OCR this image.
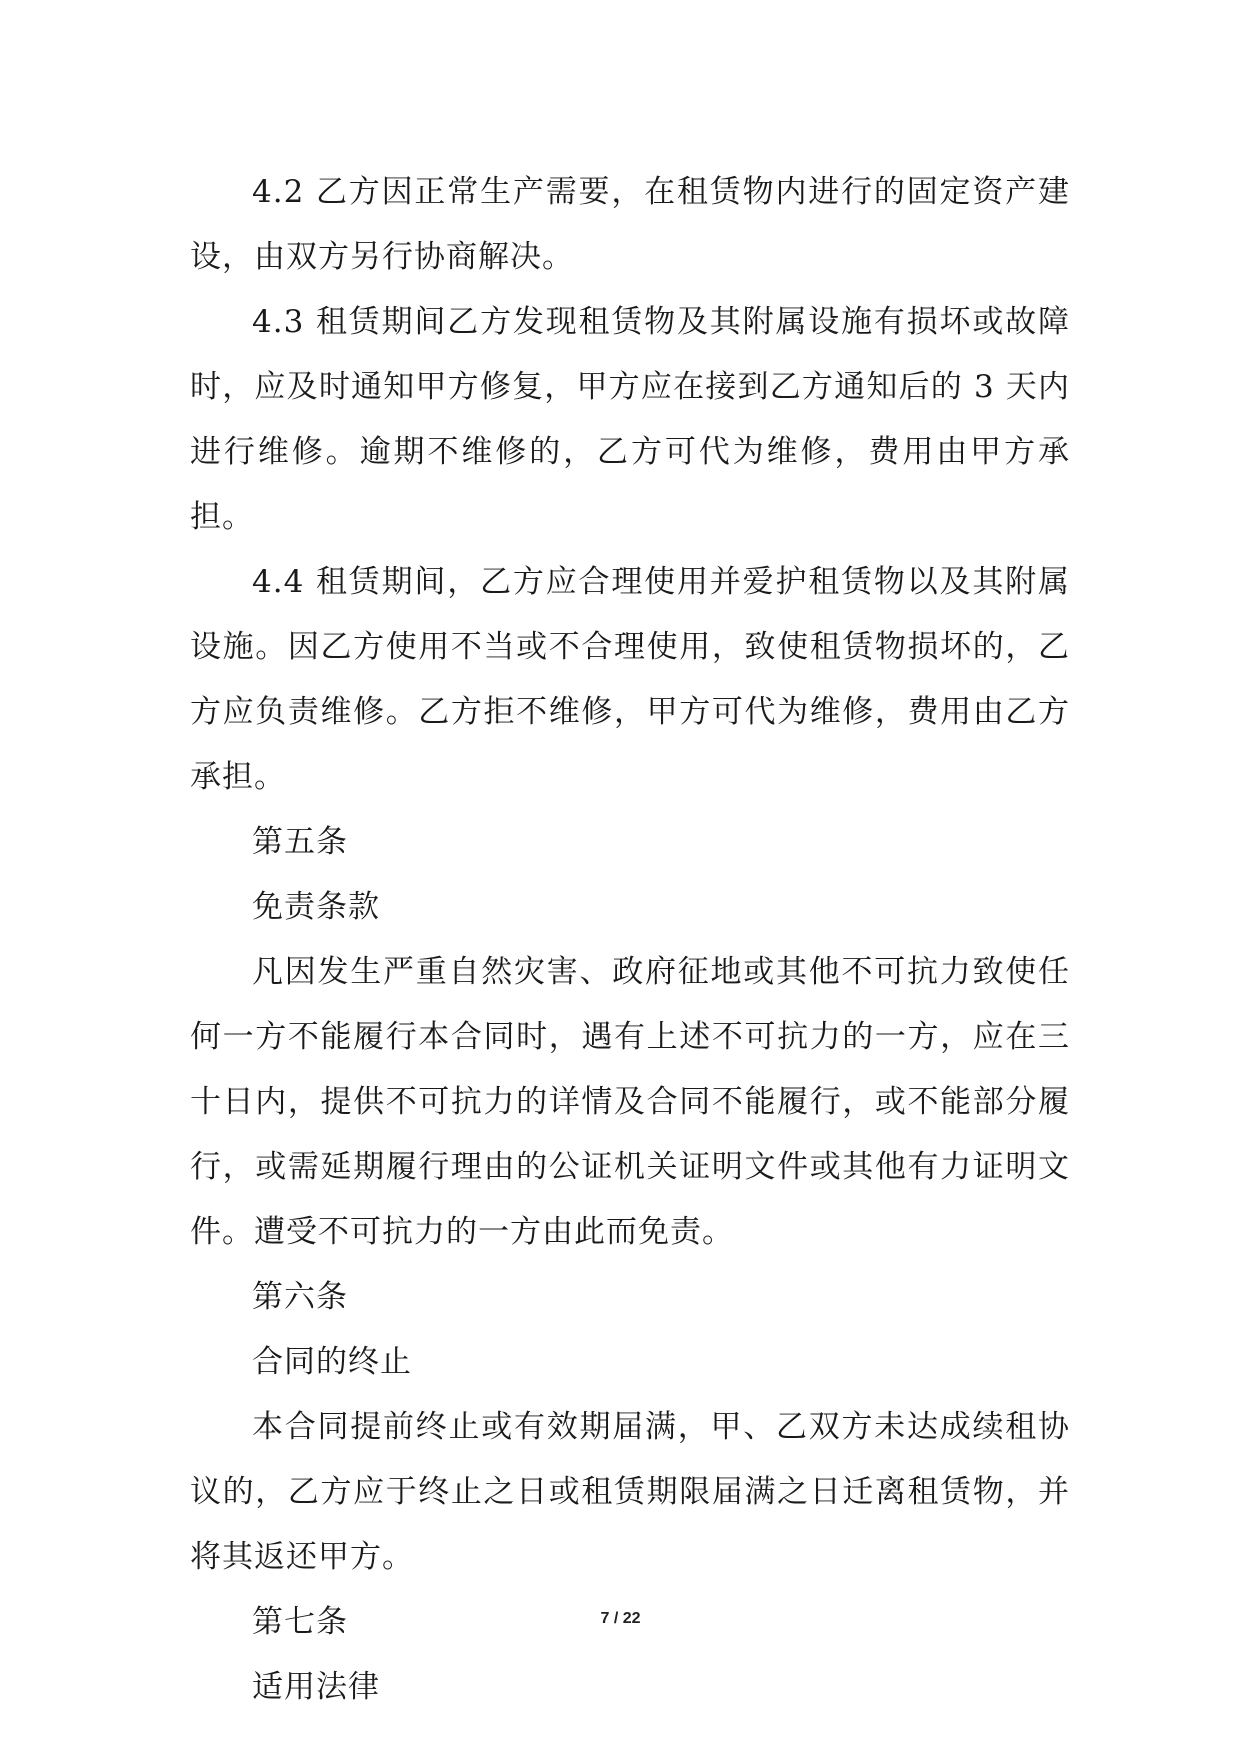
4.2 乙方因正常生产需要，在租赁物内进行的固定资产建设，由双方另行协商解决。

4.3 租赁期间乙方发现租赁物及其附属设施有损坏或故障时，应及时通知甲方修复，甲方应在接到乙方通知后的 3 天内进行维修。逾期不维修的，乙方可代为维修，费用由甲方承担。

4.4 租赁期间，乙方应合理使用并爱护租赁物以及其附属设施。因乙方使用不当或不合理使用，致使租赁物损坏的，乙方应负责维修。乙方拒不维修，甲方可代为维修，费用由乙方承担。

第五条

免责条款

凡因发生严重自然灾害、政府征地或其他不可抗力致使任何一方不能履行本合同时，遇有上述不可抗力的一方，应在三十日内，提供不可抗力的详情及合同不能履行，或不能部分履行，或需延期履行理由的公证机关证明文件或其他有力证明文件。遭受不可抗力的一方由此而免责。

第六条

合同的终止

本合同提前终止或有效期届满，甲、乙双方未达成续租协议的，乙方应于终止之日或租赁期限届满之日迁离租赁物，并将其返还甲方。

第七条

适用法律

7 / 22
